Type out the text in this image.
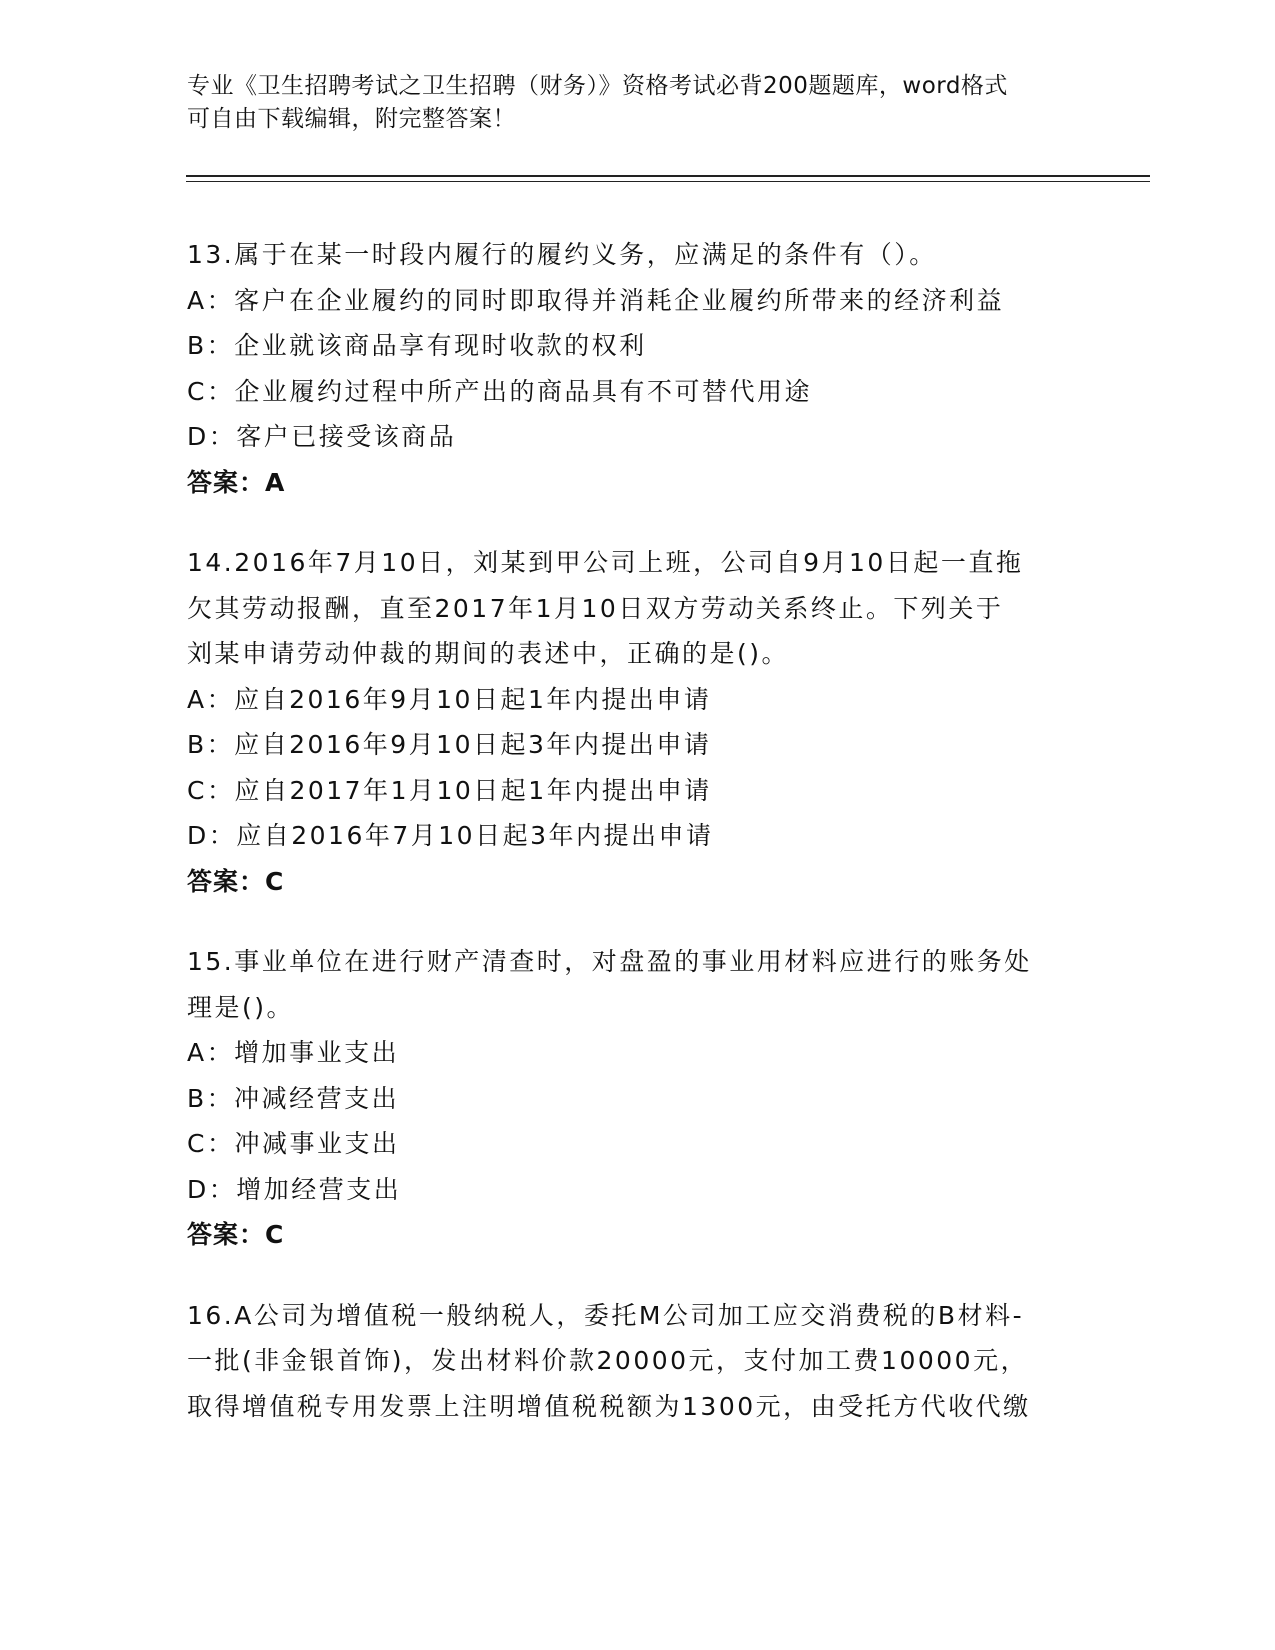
专业《卫生招聘考试之卫生招聘（财务）》资格考试必背200题题库，word格式
可自由下载编辑，附完整答案！
13.属于在某一时段内履行的履约义务，应满足的条件有（）。
A：客户在企业履约的同时即取得并消耗企业履约所带来的经济利益
B：企业就该商品享有现时收款的权利
C：企业履约过程中所产出的商品具有不可替代用途
D：客户已接受该商品
答案：A
14.2016年7月10日，刘某到甲公司上班，公司自9月10日起一直拖
欠其劳动报酬，直至2017年1月10日双方劳动关系终止。下列关于
刘某申请劳动仲裁的期间的表述中，正确的是()。
A：应自2016年9月10日起1年内提出申请
B：应自2016年9月10日起3年内提出申请
C：应自2017年1月10日起1年内提出申请
D：应自2016年7月10日起3年内提出申请
答案：C
15.事业单位在进行财产清查时，对盘盈的事业用材料应进行的账务处
理是()。
A：增加事业支出
B：冲减经营支出
C：冲减事业支出
D：增加经营支出
答案：C
16.A公司为增值税一般纳税人，委托M公司加工应交消费税的B材料-
一批(非金银首饰)，发出材料价款20000元，支付加工费10000元，
取得增值税专用发票上注明增值税税额为1300元，由受托方代收代缴
